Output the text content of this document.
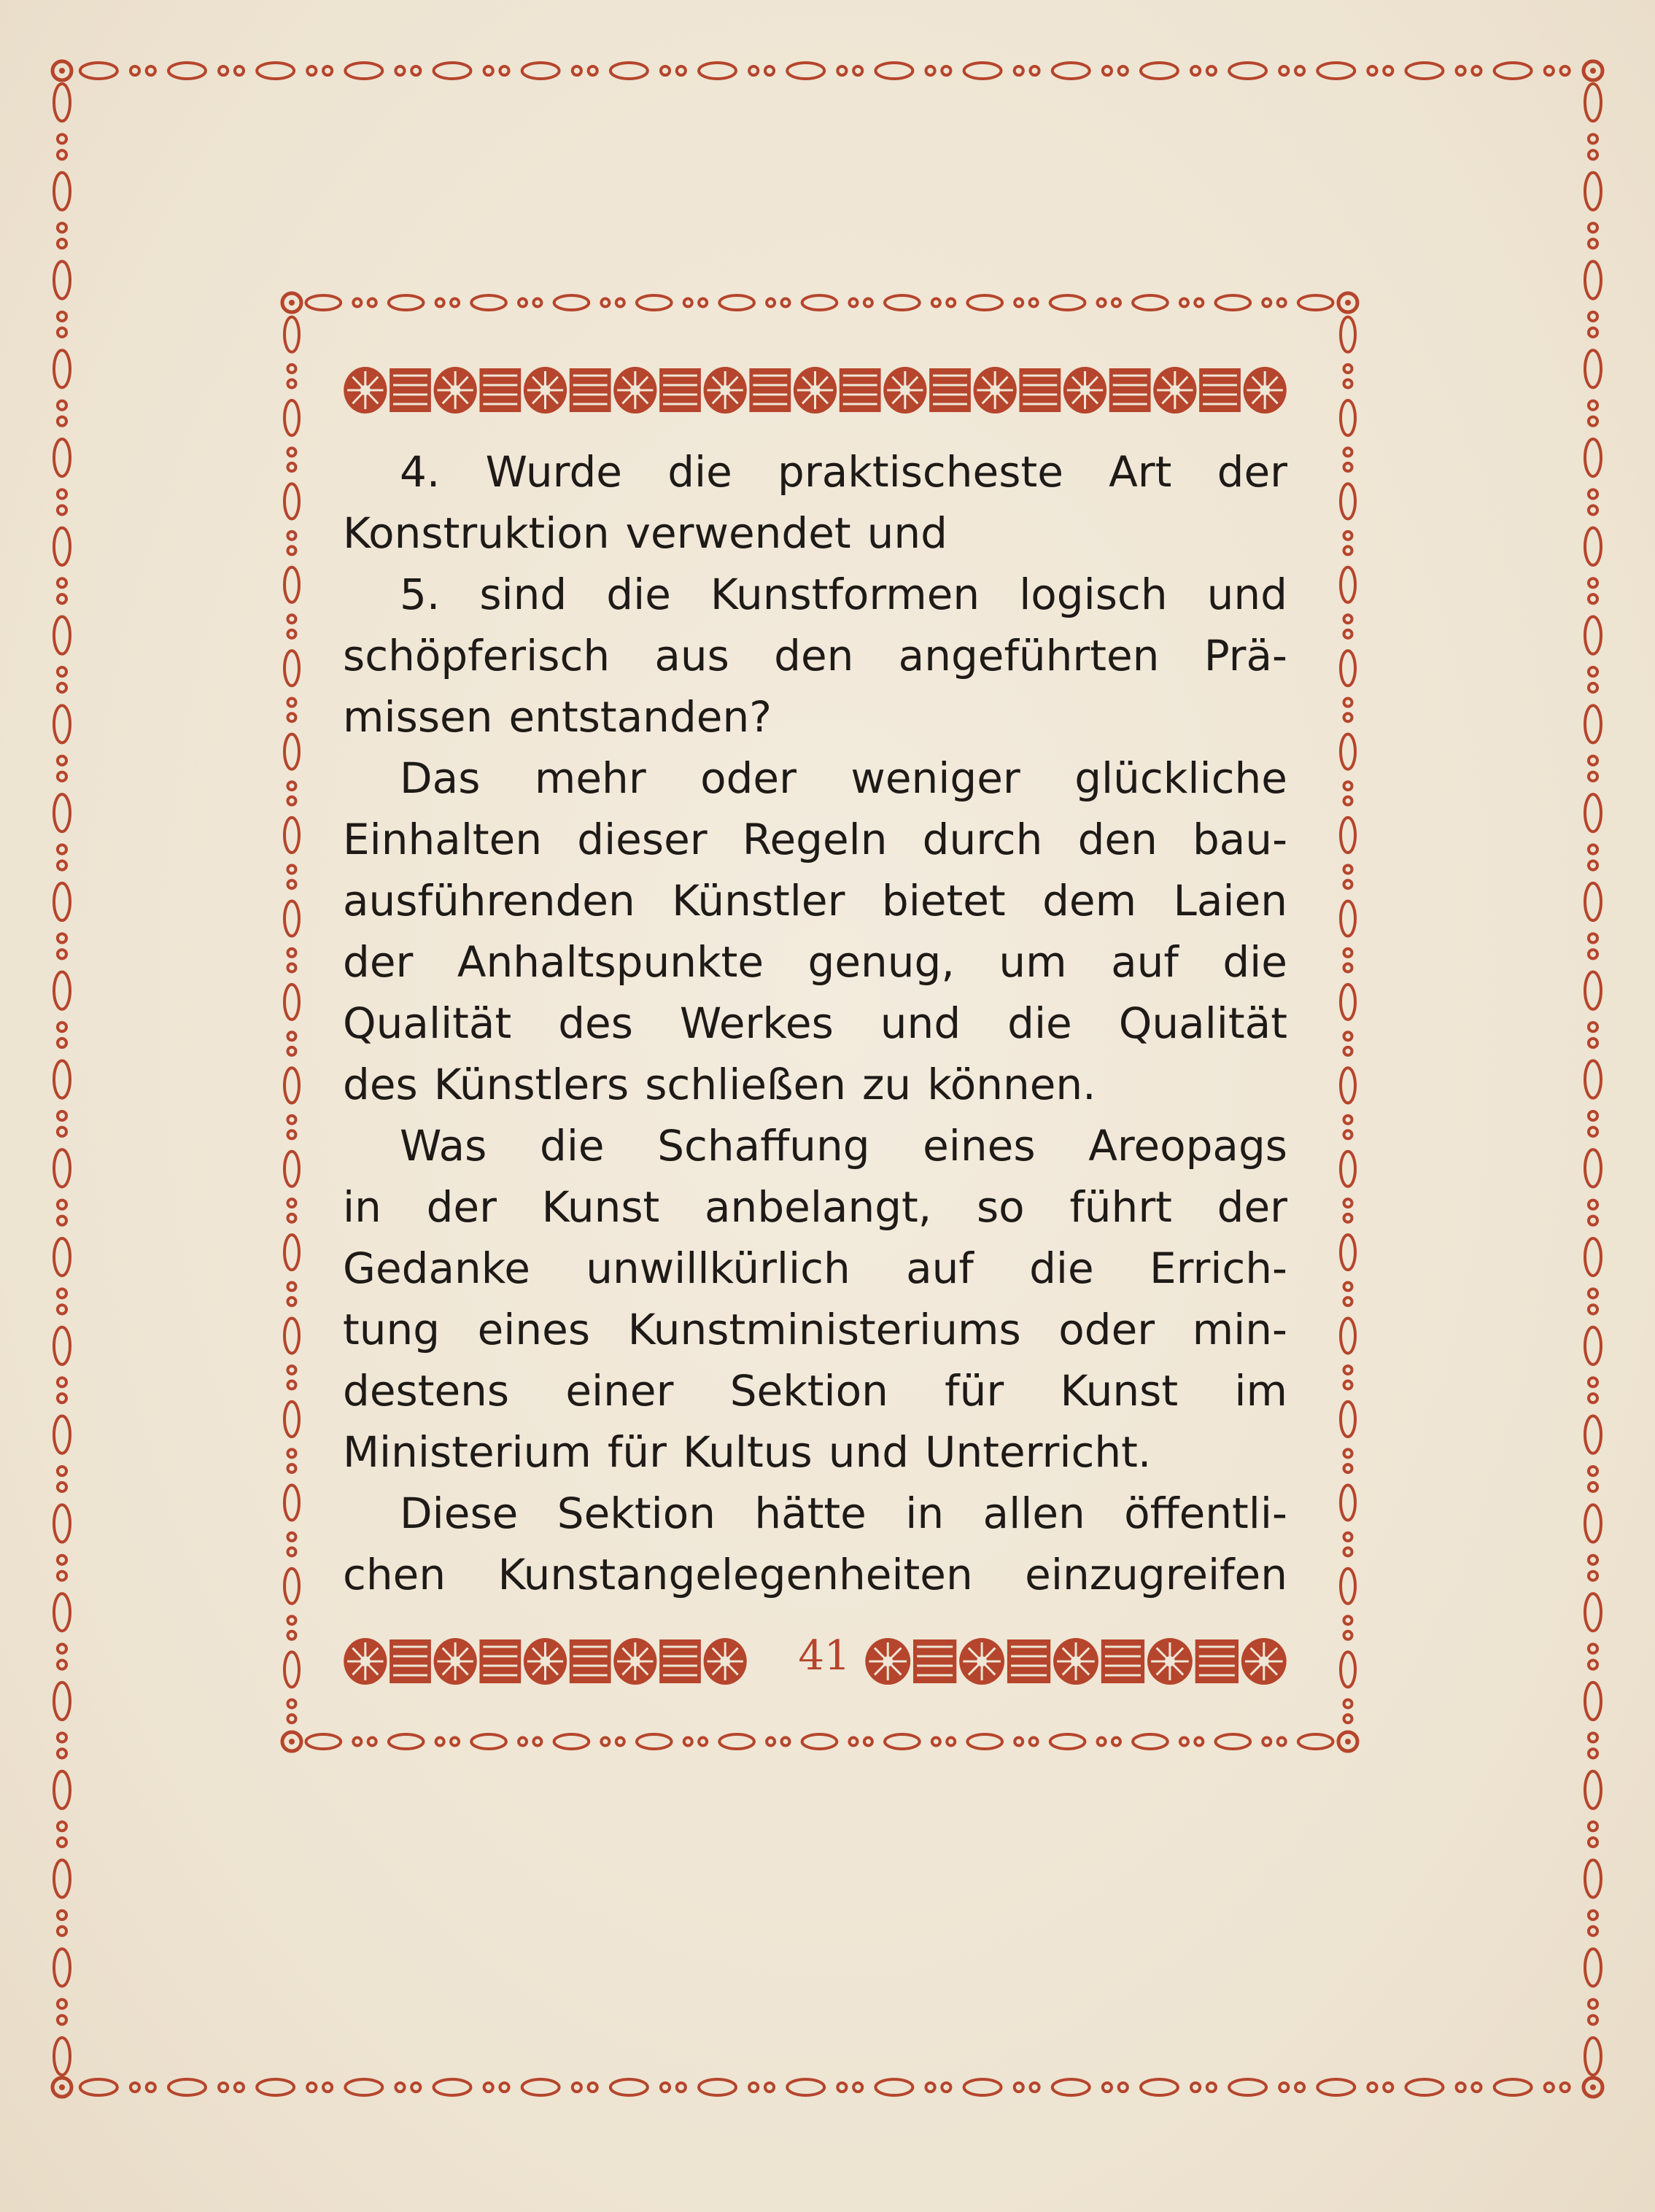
4. Wurde die praktischeste Art der
Konstruktion verwendet und
5. sind die Kunstformen logisch und
schöpferisch aus den angeführten Prä-
missen entstanden?
Das mehr oder weniger glückliche
Einhalten dieser Regeln durch den bau-
ausführenden Künstler bietet dem Laien
der Anhaltspunkte genug, um auf die
Qualität des Werkes und die Qualität
des Künstlers schließen zu können.
Was die Schaffung eines Areopags
in der Kunst anbelangt, so führt der
Gedanke unwillkürlich auf die Errich-
tung eines Kunstministeriums oder min-
destens einer Sektion für Kunst im
Ministerium für Kultus und Unterricht.
Diese Sektion hätte in allen öffentli-
chen Kunstangelegenheiten einzugreifen
41
